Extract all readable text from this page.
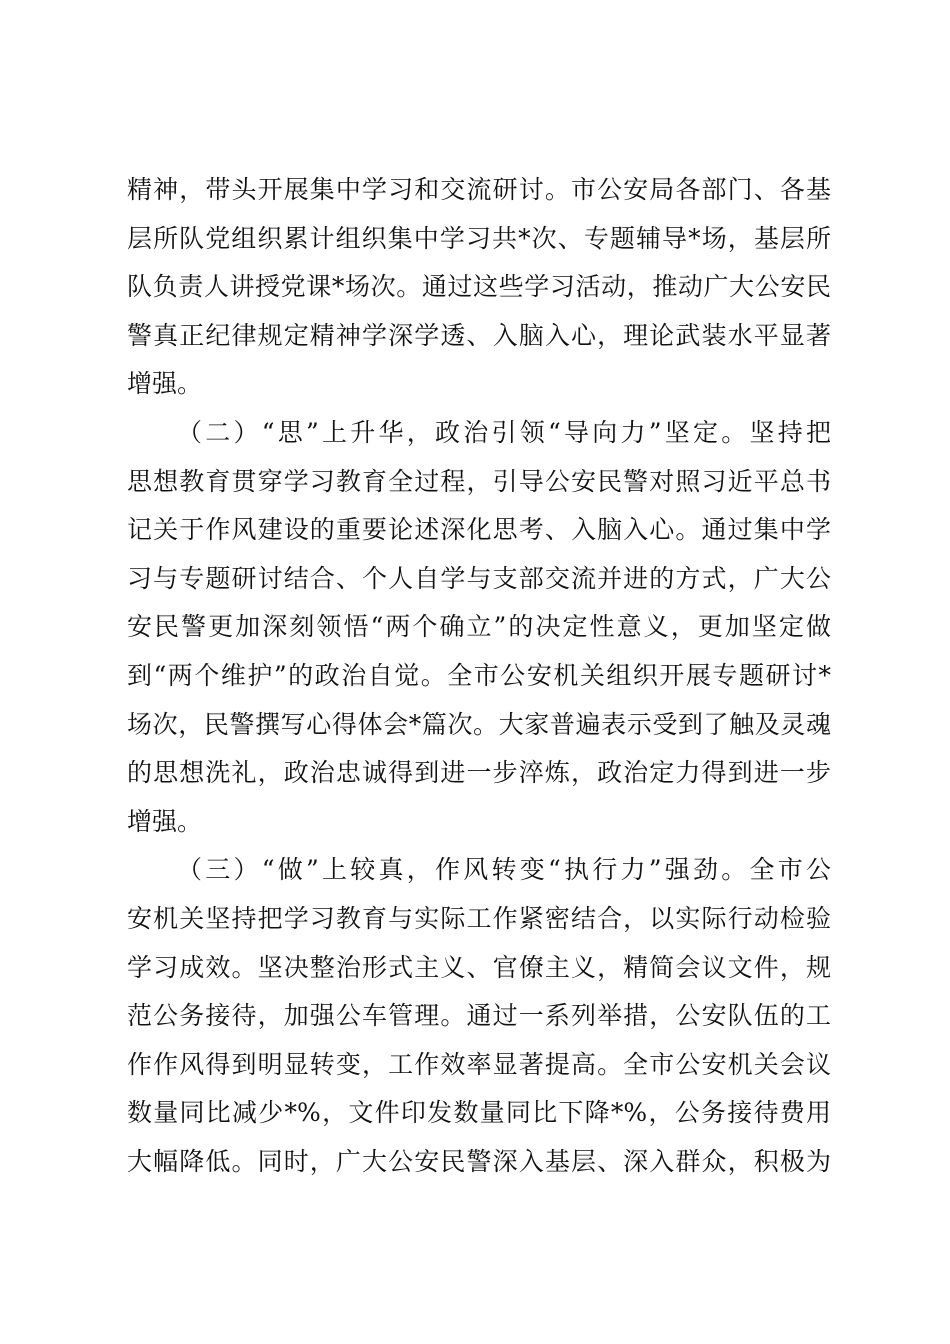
精神，带头开展集中学习和交流研讨。市公安局各部门、各基
层所队党组织累计组织集中学习共*次、专题辅导*场，基层所
队负责人讲授党课*场次。通过这些学习活动，推动广大公安民
警真正纪律规定精神学深学透、入脑入心，理论武装水平显著
增强。

（二）“思”上升华，政治引领“导向力”坚定。坚持把
思想教育贯穿学习教育全过程，引导公安民警对照习近平总书
记关于作风建设的重要论述深化思考、入脑入心。通过集中学
习与专题研讨结合、个人自学与支部交流并进的方式，广大公
安民警更加深刻领悟“两个确立”的决定性意义，更加坚定做
到“两个维护”的政治自觉。全市公安机关组织开展专题研讨*
场次，民警撰写心得体会*篇次。大家普遍表示受到了触及灵魂
的思想洗礼，政治忠诚得到进一步淬炼，政治定力得到进一步
增强。

（三）“做”上较真，作风转变“执行力”强劲。全市公
安机关坚持把学习教育与实际工作紧密结合，以实际行动检验
学习成效。坚决整治形式主义、官僚主义，精简会议文件，规
范公务接待，加强公车管理。通过一系列举措，公安队伍的工
作作风得到明显转变，工作效率显著提高。全市公安机关会议
数量同比减少*%，文件印发数量同比下降*%，公务接待费用
大幅降低。同时，广大公安民警深入基层、深入群众，积极为
